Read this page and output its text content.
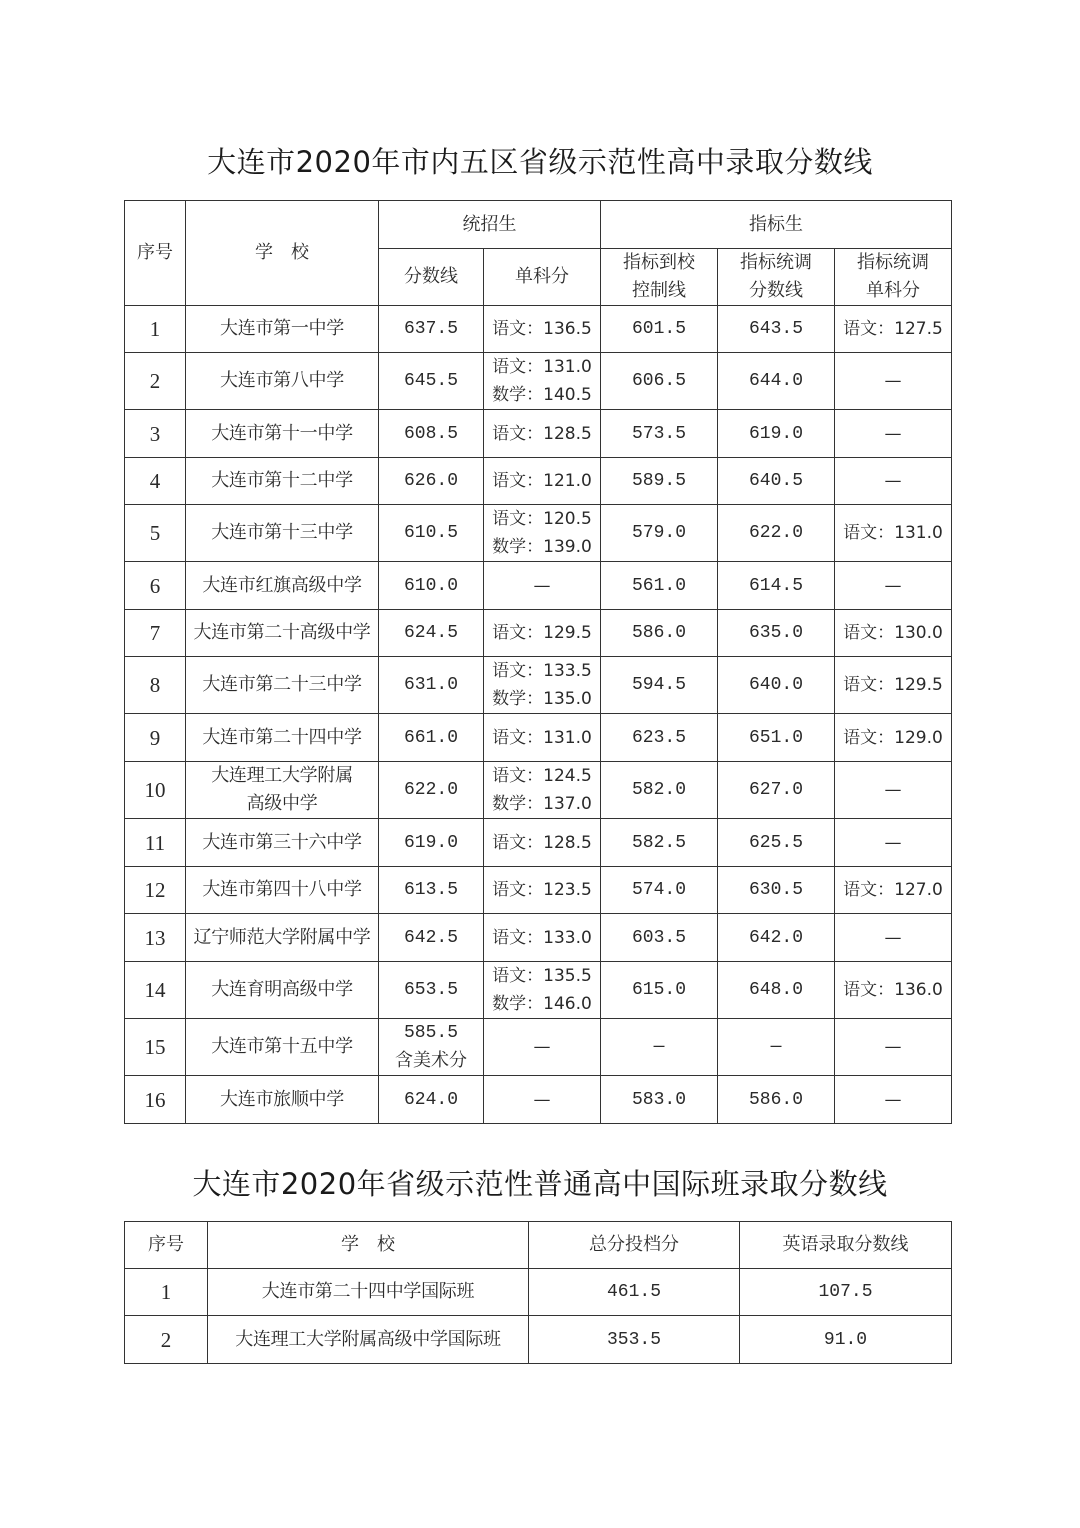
大连市2020年市内五区省级示范性高中录取分数线
序号	学　校	统招生		指标生		
		分数线	单科分	指标到校控制线	指标统调分数线	指标统调单科分
1	大连市第一中学	637.5	语文：136.5	601.5	643.5	语文：127.5
2	大连市第八中学	645.5	语文：131.0
数学：140.5	606.5	644.0	—
3	大连市第十一中学	608.5	语文：128.5	573.5	619.0	—
4	大连市第十二中学	626.0	语文：121.0	589.5	640.5	—
5	大连市第十三中学	610.5	语文：120.5
数学：139.0	579.0	622.0	语文：131.0
6	大连市红旗高级中学	610.0	—	561.0	614.5	—
7	大连市第二十高级中学	624.5	语文：129.5	586.0	635.0	语文：130.0
8	大连市第二十三中学	631.0	语文：133.5
数学：135.0	594.5	640.0	语文：129.5
9	大连市第二十四中学	661.0	语文：131.0	623.5	651.0	语文：129.0
10	大连理工大学附属
高级中学	622.0	语文：124.5
数学：137.0	582.0	627.0	—
11	大连市第三十六中学	619.0	语文：128.5	582.5	625.5	—
12	大连市第四十八中学	613.5	语文：123.5	574.0	630.5	语文：127.0
13	辽宁师范大学附属中学	642.5	语文：133.0	603.5	642.0	—
14	大连育明高级中学	653.5	语文：135.5
数学：146.0	615.0	648.0	语文：136.0
15	大连市第十五中学	585.5
含美术分	—	—	—	—
16	大连市旅顺中学	624.0	—	583.0	586.0	—
大连市2020年省级示范性普通高中国际班录取分数线
序号	学　校	总分投档分	英语录取分数线
1	大连市第二十四中学国际班	461.5	107.5
2	大连理工大学附属高级中学国际班	353.5	91.0
